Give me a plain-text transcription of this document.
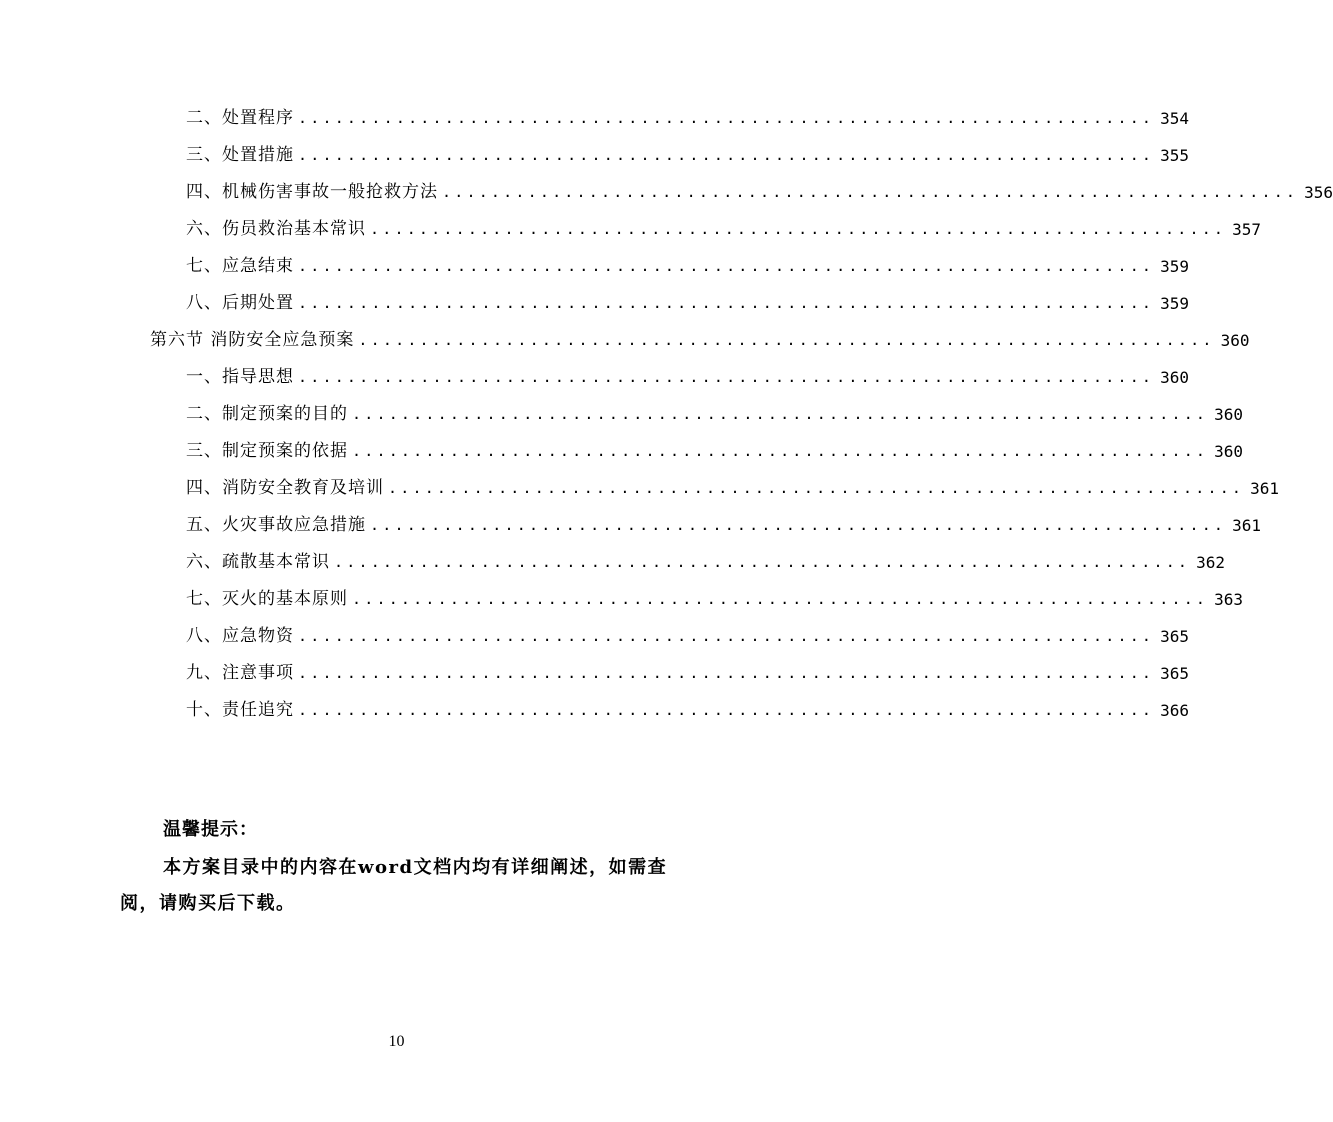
二、处置程序 ...................................................................... 354
三、处置措施 ...................................................................... 355
四、机械伤害事故一般抢救方法 ...................................................................... 356
六、伤员救治基本常识 ...................................................................... 357
七、应急结束 ...................................................................... 359
八、后期处置 ...................................................................... 359
第六节 消防安全应急预案 ...................................................................... 360
一、指导思想 ...................................................................... 360
二、制定预案的目的 ...................................................................... 360
三、制定预案的依据 ...................................................................... 360
四、消防安全教育及培训 ...................................................................... 361
五、火灾事故应急措施 ...................................................................... 361
六、疏散基本常识 ...................................................................... 362
七、灭火的基本原则 ...................................................................... 363
八、应急物资 ...................................................................... 365
九、注意事项 ...................................................................... 365
十、责任追究 ...................................................................... 366
温馨提示：
本方案目录中的内容在word文档内均有详细阐述，如需查阅，请购买后下载。
10
